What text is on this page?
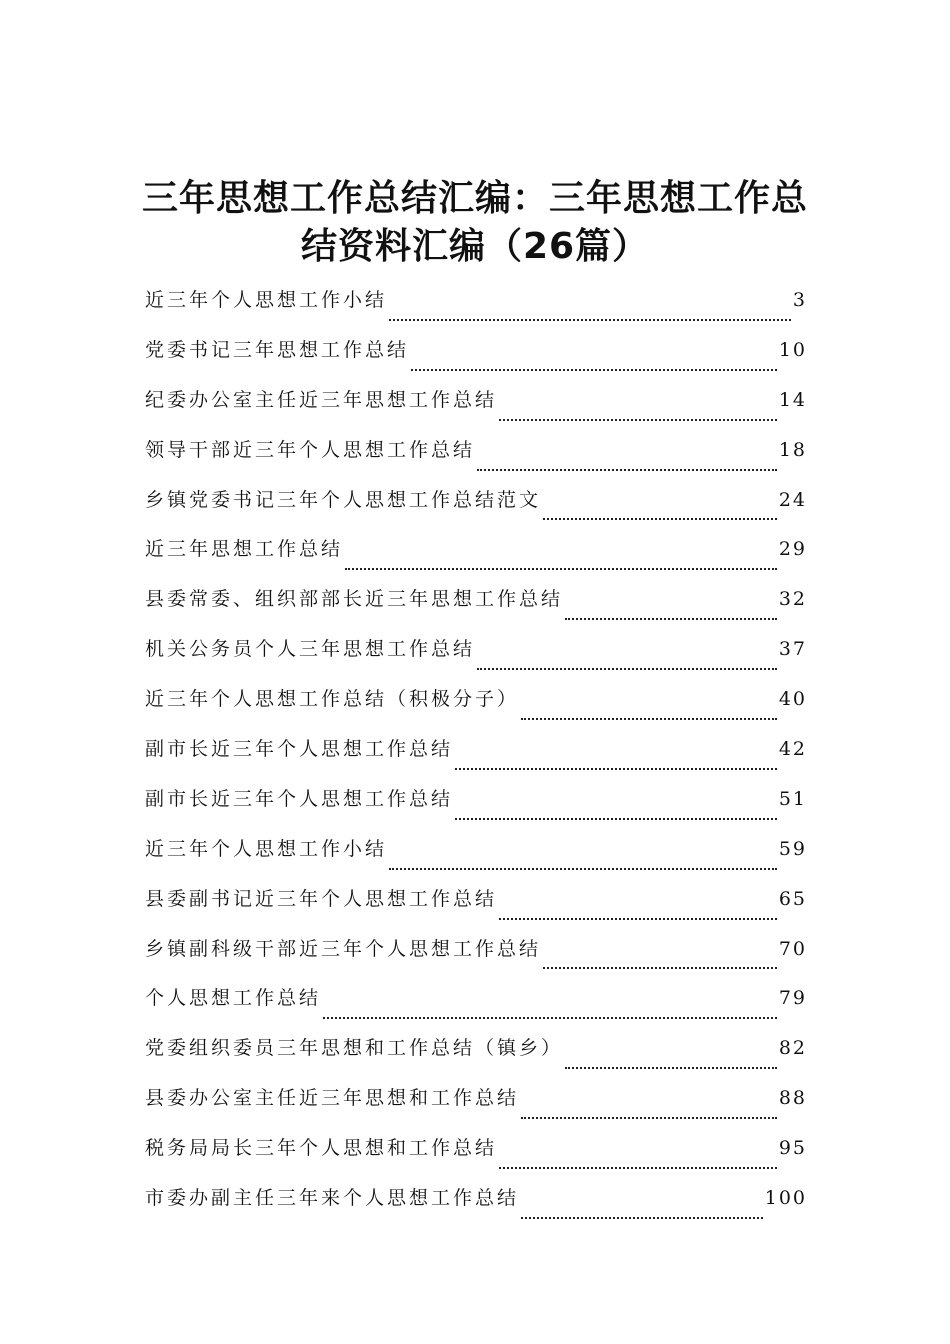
三年思想工作总结汇编：三年思想工作总
结资料汇编（26篇）
近三年个人思想工作小结	3
党委书记三年思想工作总结	10
纪委办公室主任近三年思想工作总结	14
领导干部近三年个人思想工作总结	18
乡镇党委书记三年个人思想工作总结范文	24
近三年思想工作总结	29
县委常委、组织部部长近三年思想工作总结	32
机关公务员个人三年思想工作总结	37
近三年个人思想工作总结（积极分子）	40
副市长近三年个人思想工作总结	42
副市长近三年个人思想工作总结	51
近三年个人思想工作小结	59
县委副书记近三年个人思想工作总结	65
乡镇副科级干部近三年个人思想工作总结	70
个人思想工作总结	79
党委组织委员三年思想和工作总结（镇乡）	82
县委办公室主任近三年思想和工作总结	88
税务局局长三年个人思想和工作总结	95
市委办副主任三年来个人思想工作总结	100
